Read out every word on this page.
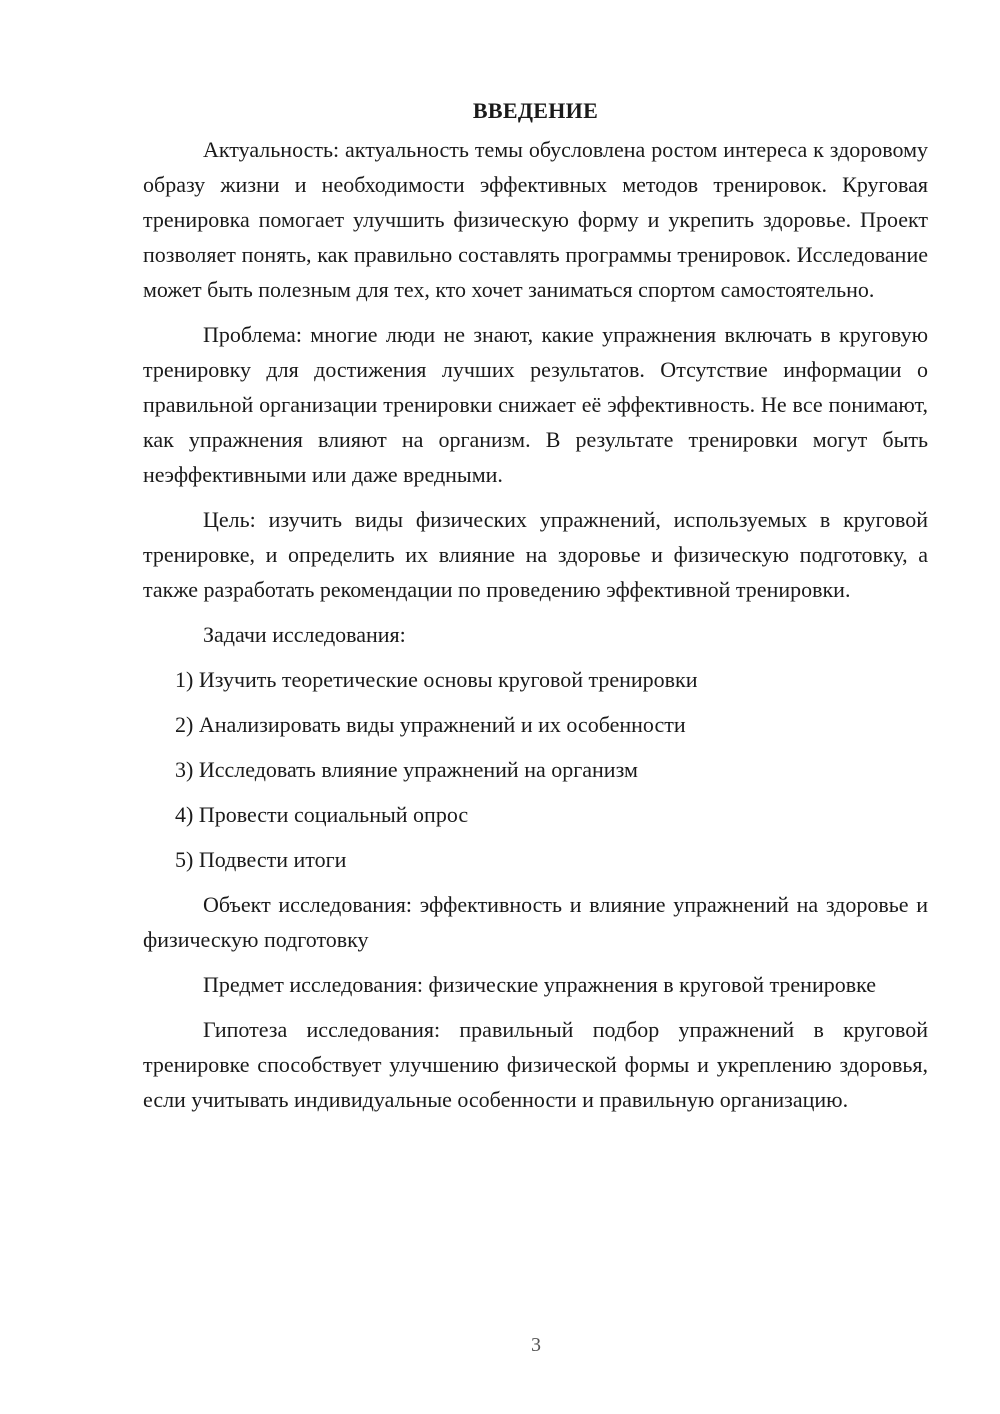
ВВЕДЕНИЕ

Актуальность: актуальность темы обусловлена ростом интереса к здоровому образу жизни и необходимости эффективных методов тренировок. Круговая тренировка помогает улучшить физическую форму и укрепить здоровье. Проект позволяет понять, как правильно составлять программы тренировок. Исследование может быть полезным для тех, кто хочет заниматься спортом самостоятельно.

Проблема: многие люди не знают, какие упражнения включать в круговую тренировку для достижения лучших результатов. Отсутствие информации о правильной организации тренировки снижает её эффективность. Не все понимают, как упражнения влияют на организм. В результате тренировки могут быть неэффективными или даже вредными.

Цель: изучить виды физических упражнений, используемых в круговой тренировке, и определить их влияние на здоровье и физическую подготовку, а также разработать рекомендации по проведению эффективной тренировки.

Задачи исследования:

1) Изучить теоретические основы круговой тренировки
2) Анализировать виды упражнений и их особенности
3) Исследовать влияние упражнений на организм
4) Провести социальный опрос
5) Подвести итоги

Объект исследования: эффективность и влияние упражнений на здоровье и физическую подготовку

Предмет исследования: физические упражнения в круговой тренировке

Гипотеза исследования: правильный подбор упражнений в круговой тренировке способствует улучшению физической формы и укреплению здоровья, если учитывать индивидуальные особенности и правильную организацию.

3
